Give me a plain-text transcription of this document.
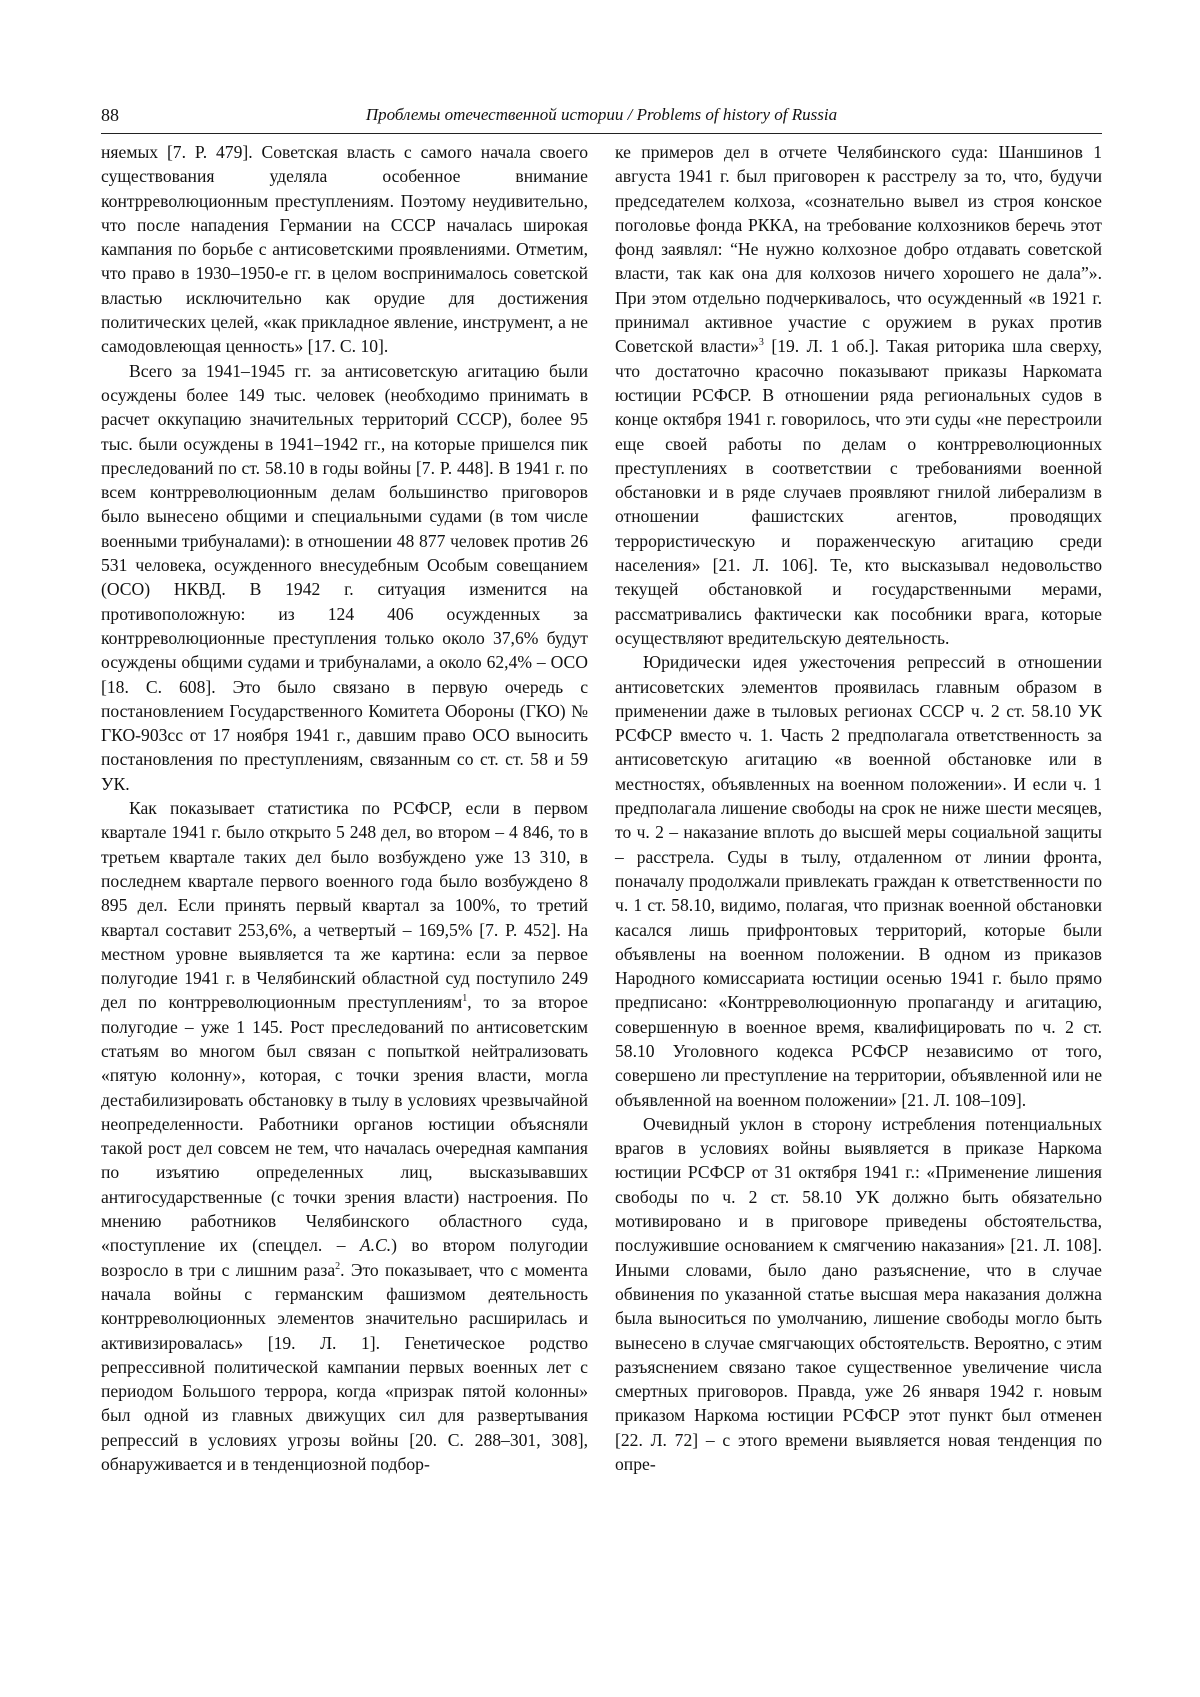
88	Проблемы отечественной истории / Problems of history of Russia

няемых [7. P. 479]. Советская власть с самого начала своего существования уделяла особенное внимание контрреволюционным преступлениям. Поэтому неудивительно, что после нападения Германии на СССР началась широкая кампания по борьбе с антисоветскими проявлениями. Отметим, что право в 1930–1950-е гг. в целом воспринималось советской властью исключительно как орудие для достижения политических целей, «как прикладное явление, инструмент, а не самодовлеющая ценность» [17. С. 10].

Всего за 1941–1945 гг. за антисоветскую агитацию были осуждены более 149 тыс. человек (необходимо принимать в расчет оккупацию значительных территорий СССР), более 95 тыс. были осуждены в 1941–1942 гг., на которые пришелся пик преследований по ст. 58.10 в годы войны [7. P. 448]. В 1941 г. по всем контрреволюционным делам большинство приговоров было вынесено общими и специальными судами (в том числе военными трибуналами): в отношении 48 877 человек против 26 531 человека, осужденного внесудебным Особым совещанием (ОСО) НКВД. В 1942 г. ситуация изменится на противоположную: из 124 406 осужденных за контрреволюционные преступления только около 37,6% будут осуждены общими судами и трибуналами, а около 62,4% – ОСО [18. С. 608]. Это было связано в первую очередь с постановлением Государственного Комитета Обороны (ГКО) № ГКО-903сс от 17 ноября 1941 г., давшим право ОСО выносить постановления по преступлениям, связанным со ст. ст. 58 и 59 УК.

Как показывает статистика по РСФСР, если в первом квартале 1941 г. было открыто 5 248 дел, во втором – 4 846, то в третьем квартале таких дел было возбуждено уже 13 310, в последнем квартале первого военного года было возбуждено 8 895 дел. Если принять первый квартал за 100%, то третий квартал составит 253,6%, а четвертый – 169,5% [7. P. 452]. На местном уровне выявляется та же картина: если за первое полугодие 1941 г. в Челябинский областной суд поступило 249 дел по контрреволюционным преступлениям$^1$, то за второе полугодие – уже 1 145. Рост преследований по антисоветским статьям во многом был связан с попыткой нейтрализовать «пятую колонну», которая, с точки зрения власти, могла дестабилизировать обстановку в тылу в условиях чрезвычайной неопределенности. Работники органов юстиции объясняли такой рост дел совсем не тем, что началась очередная кампания по изъятию определенных лиц, высказывавших антигосударственные (с точки зрения власти) настроения. По мнению работников Челябинского областного суда, «поступление их (спецдел. – А.С.) во втором полугодии возросло в три с лишним раза$^2$. Это показывает, что с момента начала войны с германским фашизмом деятельность контрреволюционных элементов значительно расширилась и активизировалась» [19. Л. 1]. Генетическое родство репрессивной политической кампании первых военных лет с периодом Большого террора, когда «призрак пятой колонны» был одной из главных движущих сил для развертывания репрессий в условиях угрозы войны [20. С. 288–301, 308], обнаруживается и в тенденциозной подбор-

ке примеров дел в отчете Челябинского суда: Шаншинов 1 августа 1941 г. был приговорен к расстрелу за то, что, будучи председателем колхоза, «сознательно вывел из строя конское поголовье фонда РККА, на требование колхозников беречь этот фонд заявлял: “Не нужно колхозное добро отдавать советской власти, так как она для колхозов ничего хорошего не дала”». При этом отдельно подчеркивалось, что осужденный «в 1921 г. принимал активное участие с оружием в руках против Советской власти»$^3$ [19. Л. 1 об.]. Такая риторика шла сверху, что достаточно красочно показывают приказы Наркомата юстиции РСФСР. В отношении ряда региональных судов в конце октября 1941 г. говорилось, что эти суды «не перестроили еще своей работы по делам о контрреволюционных преступлениях в соответствии с требованиями военной обстановки и в ряде случаев проявляют гнилой либерализм в отношении фашистских агентов, проводящих террористическую и пораженческую агитацию среди населения» [21. Л. 106]. Те, кто высказывал недовольство текущей обстановкой и государственными мерами, рассматривались фактически как пособники врага, которые осуществляют вредительскую деятельность.

Юридически идея ужесточения репрессий в отношении антисоветских элементов проявилась главным образом в применении даже в тыловых регионах СССР ч. 2 ст. 58.10 УК РСФСР вместо ч. 1. Часть 2 предполагала ответственность за антисоветскую агитацию «в военной обстановке или в местностях, объявленных на военном положении». И если ч. 1 предполагала лишение свободы на срок не ниже шести месяцев, то ч. 2 – наказание вплоть до высшей меры социальной защиты – расстрела. Суды в тылу, отдаленном от линии фронта, поначалу продолжали привлекать граждан к ответственности по ч. 1 ст. 58.10, видимо, полагая, что признак военной обстановки касался лишь прифронтовых территорий, которые были объявлены на военном положении. В одном из приказов Народного комиссариата юстиции осенью 1941 г. было прямо предписано: «Контрреволюционную пропаганду и агитацию, совершенную в военное время, квалифицировать по ч. 2 ст. 58.10 Уголовного кодекса РСФСР независимо от того, совершено ли преступление на территории, объявленной или не объявленной на военном положении» [21. Л. 108–109].

Очевидный уклон в сторону истребления потенциальных врагов в условиях войны выявляется в приказе Наркома юстиции РСФСР от 31 октября 1941 г.: «Применение лишения свободы по ч. 2 ст. 58.10 УК должно быть обязательно мотивировано и в приговоре приведены обстоятельства, послужившие основанием к смягчению наказания» [21. Л. 108]. Иными словами, было дано разъяснение, что в случае обвинения по указанной статье высшая мера наказания должна была выноситься по умолчанию, лишение свободы могло быть вынесено в случае смягчающих обстоятельств. Вероятно, с этим разъяснением связано такое существенное увеличение числа смертных приговоров. Правда, уже 26 января 1942 г. новым приказом Наркома юстиции РСФСР этот пункт был отменен [22. Л. 72] – с этого времени выявляется новая тенденция по опре-
